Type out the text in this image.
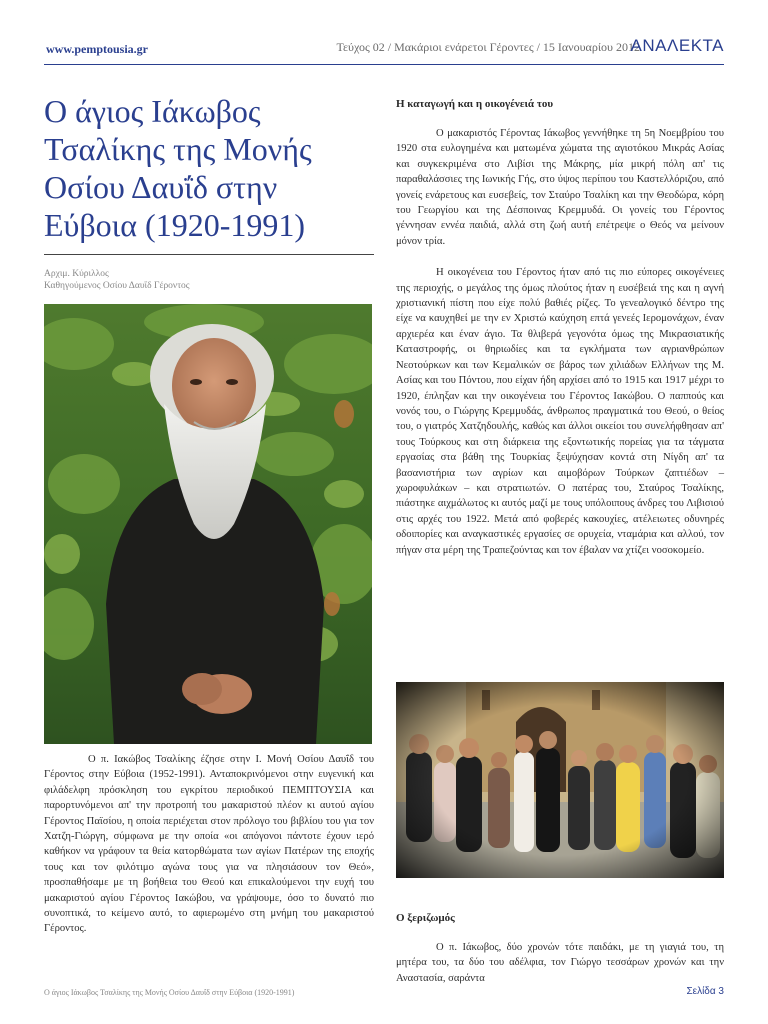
www.pemptousia.gr	Τεύχος 02 / Μακάριοι ενάρετοι Γέροντες / 15 Ιανουαρίου 2012
ΑΝΑΛΕΚΤΑ
Ο άγιος Ιάκωβος Τσαλίκης της Μονής Οσίου Δαυΐδ στην Εύβοια (1920-1991)
Αρχιμ. Κύριλλος
Καθηγούμενος Οσίου Δαυΐδ Γέροντος

Ο π. Ιακώβος Τσαλίκης έζησε στην Ι. Μονή Οσίου Δαυΐδ του Γέροντος στην Εύβοια (1952-1991). Ανταποκρινόμενοι στην ευγενική και φιλάδελφη πρόσκληση του εγκρίτου περιοδικού ΠΕΜΠΤΟΥΣΙΑ και παρορτυνόμενοι απ' την προτροπή του μακαριστού πλέον κι αυτού αγίου Γέροντος Παϊσίου, η οποία περιέχεται στον πρόλογο του βιβλίου του για τον Χατζη-Γιώργη, σύμφωνα με την οποία «οι απόγονοι πάντοτε έχουν ιερό καθήκον να γράφουν τα θεία κατορθώματα των αγίων Πατέρων της εποχής τους και τον φιλότιμο αγώνα τους για να πλησιάσουν τον Θεό», προσπαθήσαμε με τη βοήθεια του Θεού και επικαλούμενοι την ευχή του μακαριστού αγίου Γέροντος Ιακώβου, να γράψουμε, όσο το δυνατό πιο συνοπτικά, το κείμενο αυτό, το αφιερωμένο στη μνήμη του μακαριστού Γέροντος.

Η καταγωγή και η οικογένειά του

Ο μακαριστός Γέροντας Ιάκωβος γεννήθηκε τη 5η Νοεμβρίου του 1920 στα ευλογημένα και ματωμένα χώματα της αγιοτόκου Μικράς Ασίας και συγκεκριμένα στο Λιβίσι της Μάκρης, μία μικρή πόλη απ' τις παραθαλάσσιες της Ιωνικής Γής, στο ύψος περίπου του Καστελλόριζου, από γονείς ενάρετους και ευσεβείς, τον Σταύρο Τσαλίκη και την Θεοδώρα, κόρη του Γεωργίου και της Δέσποινας Κρεμμυδά. Οι γονείς του Γέροντος γέννησαν εννέα παιδιά, αλλά στη ζωή αυτή επέτρεψε ο Θεός να μείνουν μόνον τρία.

Η οικογένεια του Γέροντος ήταν από τις πιο εύπορες οικογένειες της περιοχής, ο μεγάλος της όμως πλούτος ήταν η ευσέβειά της και η αγνή χριστιανική πίστη που είχε πολύ βαθιές ρίζες. Το γενεαλογικό δέντρο της είχε να καυχηθεί με την εν Χριστώ καύχηση επτά γενεές Ιερομονάχων, έναν αρχιερέα και έναν άγιο. Τα θλιβερά γεγονότα όμως της Μικρασιατικής Καταστροφής, οι θηριωδίες και τα εγκλήματα των αγριανθρώπων Νεοτούρκων και των Κεμαλικών σε βάρος των χιλιάδων Ελλήνων της Μ. Ασίας και του Πόντου, που είχαν ήδη αρχίσει από το 1915 και 1917 μέχρι το 1920, έπληξαν και την οικογένεια του Γέροντος Ιακώβου. Ο παππούς και νονός του, ο Γιώργης Κρεμμυδάς, άνθρωπος πραγματικά του Θεού, ο θείος του, ο γιατρός Χατζηδουλής, καθώς και άλλοι οικείοι του συνελήφθησαν απ' τους Τούρκους και στη διάρκεια της εξοντωτικής πορείας για τα τάγματα εργασίας στα βάθη της Τουρκίας ξεψύχησαν κοντά στη Νίγδη απ' τα βασανιστήρια των αγρίων και αιμοβόρων Τούρκων ζαπτιέδων – χωροφυλάκων – και στρατιωτών. Ο πατέρας του, Σταύρος Τσαλίκης, πιάστηκε αιχμάλωτος κι αυτός μαζί με τους υπόλοιπους άνδρες του Λιβισιού στις αρχές του 1922. Μετά από φοβερές κακουχίες, ατέλειωτες οδυνηρές οδοιπορίες και αναγκαστικές εργασίες σε ορυχεία, νταμάρια και αλλού, τον πήγαν στα μέρη της Τραπεζούντας και τον έβαλαν να χτίζει νοσοκομείο.

Ο ξεριζωμός

Ο π. Ιάκωβος, δύο χρονών τότε παιδάκι, με τη γιαγιά του, τη μητέρα του, τα δύο του αδέλφια, τον Γιώργο τεσσάρων χρονών και την Αναστασία, σαράντα

Ο άγιος Ιάκωβος Τσαλίκης της Μονής Οσίου Δαυΐδ στην Εύβοια (1920-1991)	Σελίδα 3
